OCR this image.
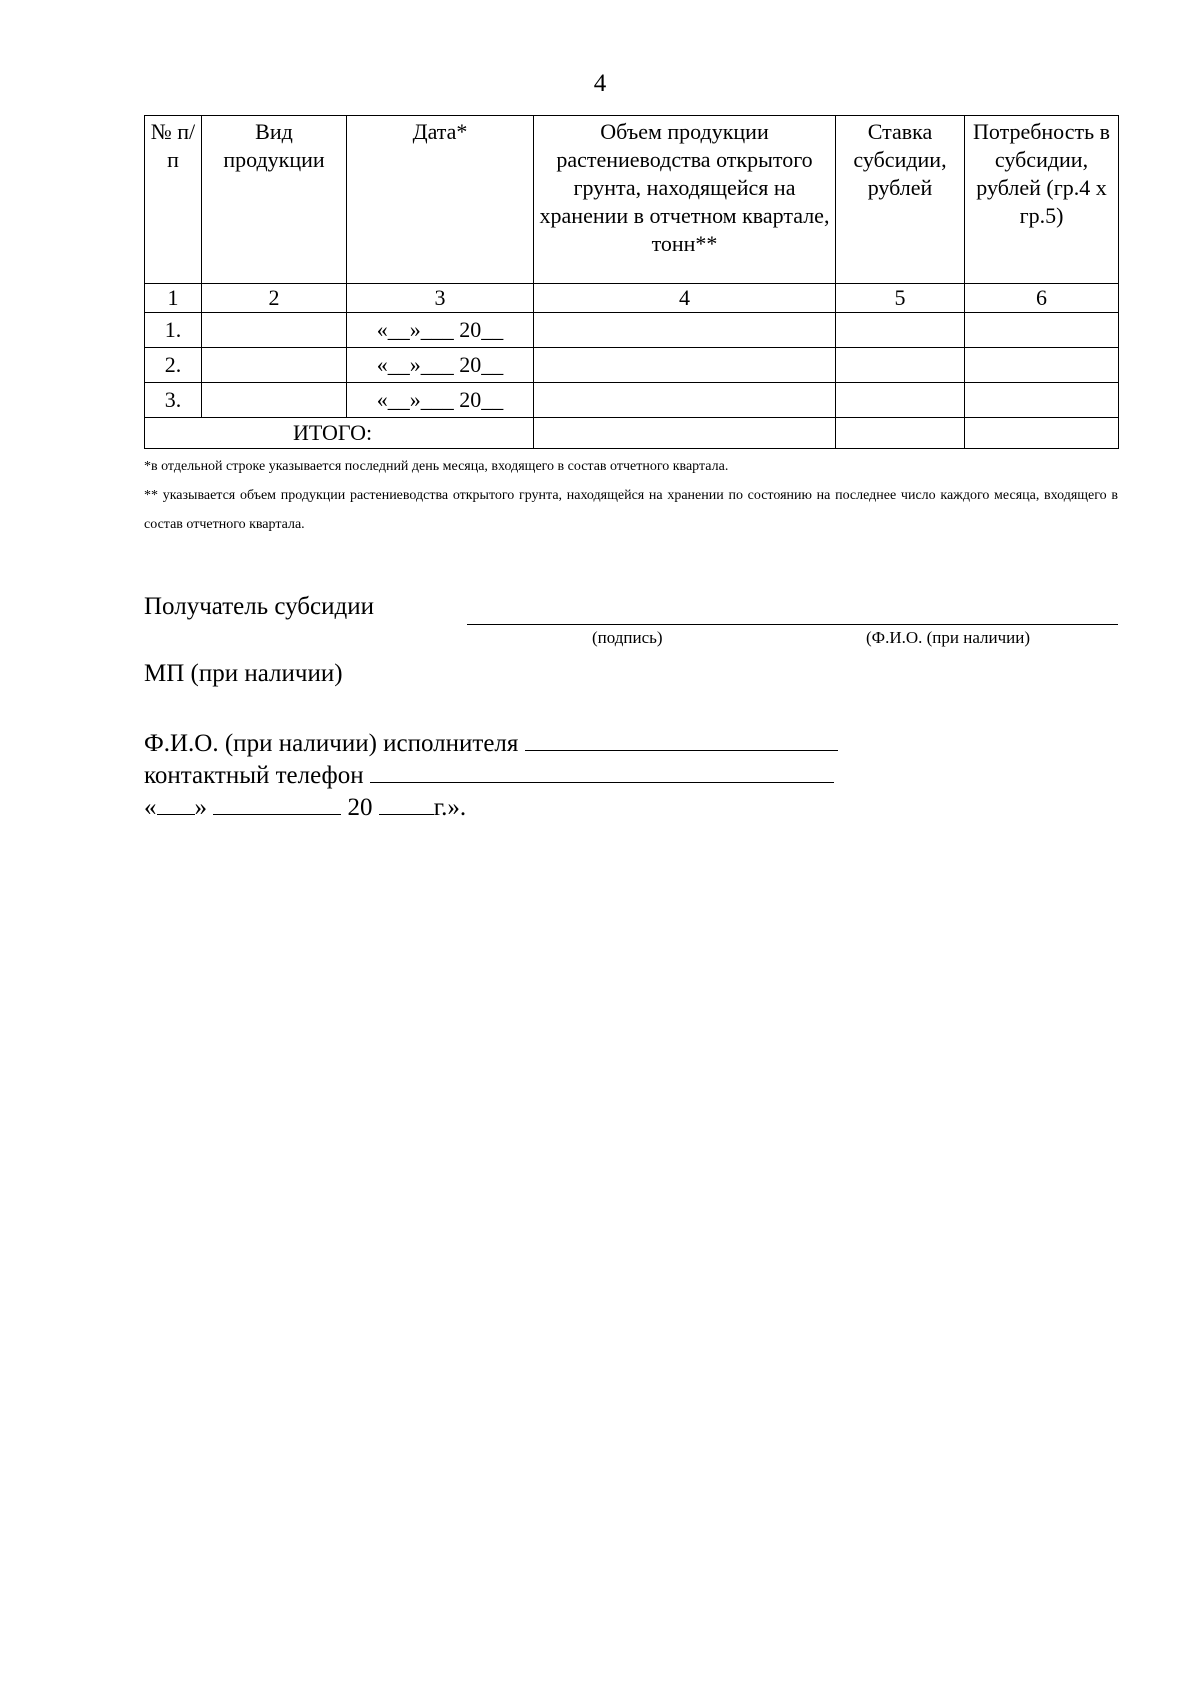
4
№ п/п	Вид продукции	Дата*	Объем продукции растениеводства открытого грунта, находящейся на хранении в отчетном квартале, тонн**	Ставка субсидии, рублей	Потребность в субсидии, рублей (гр.4 х гр.5)
1	2	3	4	5	6
1.		«__»___ 20__			
2.		«__»___ 20__			
3.		«__»___ 20__			
ИТОГО:					

*в отдельной строке указывается последний день месяца, входящего в состав отчетного квартала.

** указывается объем продукции растениеводства открытого грунта, находящейся на хранении по состоянию на последнее число каждого месяца, входящего в состав отчетного квартала.

Получатель субсидии
(подпись)	(Ф.И.О. (при наличии)
МП (при наличии)
Ф.И.О. (при наличии) исполнителя
контактный телефон
« »	20 г.».
